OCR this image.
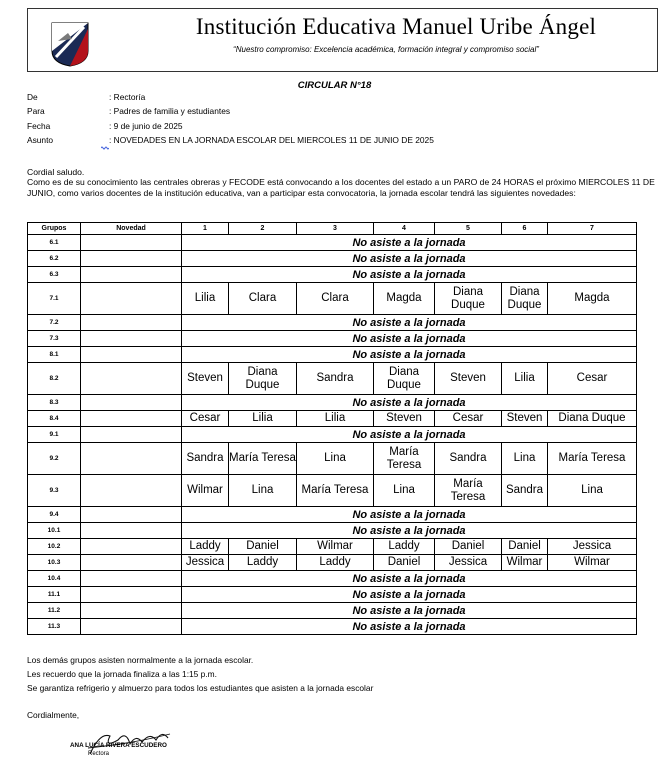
Institución Educativa Manuel Uribe Ángel
“Nuestro compromiso: Excelencia académica, formación integral y compromiso social”
CIRCULAR N°18
De	: Rectoría
Para	: Padres de familia y estudiantes
Fecha	: 9 de junio de 2025
Asunto	: NOVEDADES EN LA JORNADA ESCOLAR DEL MIERCOLES 11 DE JUNIO DE 2025
Cordial saludo.
Como es de su conocimiento las centrales obreras y FECODE está convocando a los docentes del estado a un PARO de 24 HORAS el próximo MIERCOLES 11 DE JUNIO, como varios docentes de la institución educativa, van a participar esta convocatoria, la jornada escolar tendrá las siguientes novedades:
Grupos	Novedad	1	2	3	4	5	6	7
6.1		No asiste a la jornada						
6.2		No asiste a la jornada						
6.3		No asiste a la jornada						
7.1		Lilia	Clara	Clara	Magda	Diana Duque	Diana Duque	Magda
7.2		No asiste a la jornada						
7.3		No asiste a la jornada						
8.1		No asiste a la jornada						
8.2		Steven	Diana Duque	Sandra	Diana Duque	Steven	Lilia	Cesar
8.3		No asiste a la jornada						
8.4		Cesar	Lilia	Lilia	Steven	Cesar	Steven	Diana Duque
9.1		No asiste a la jornada						
9.2		Sandra	María Teresa	Lina	María Teresa	Sandra	Lina	María Teresa
9.3		Wilmar	Lina	María Teresa	Lina	María Teresa	Sandra	Lina
9.4		No asiste a la jornada						
10.1		No asiste a la jornada						
10.2		Laddy	Daniel	Wilmar	Laddy	Daniel	Daniel	Jessica
10.3		Jessica	Laddy	Laddy	Daniel	Jessica	Wilmar	Wilmar
10.4		No asiste a la jornada						
11.1		No asiste a la jornada						
11.2		No asiste a la jornada						
11.3		No asiste a la jornada						
Los demás grupos asisten normalmente a la jornada escolar.
Les recuerdo que la jornada finaliza a las 1:15 p.m.
Se garantiza refrigerio y almuerzo para todos los estudiantes que asisten a la jornada escolar
Cordialmente,
ANA LUCÍA RIVERA ESCUDERO
Rectora
